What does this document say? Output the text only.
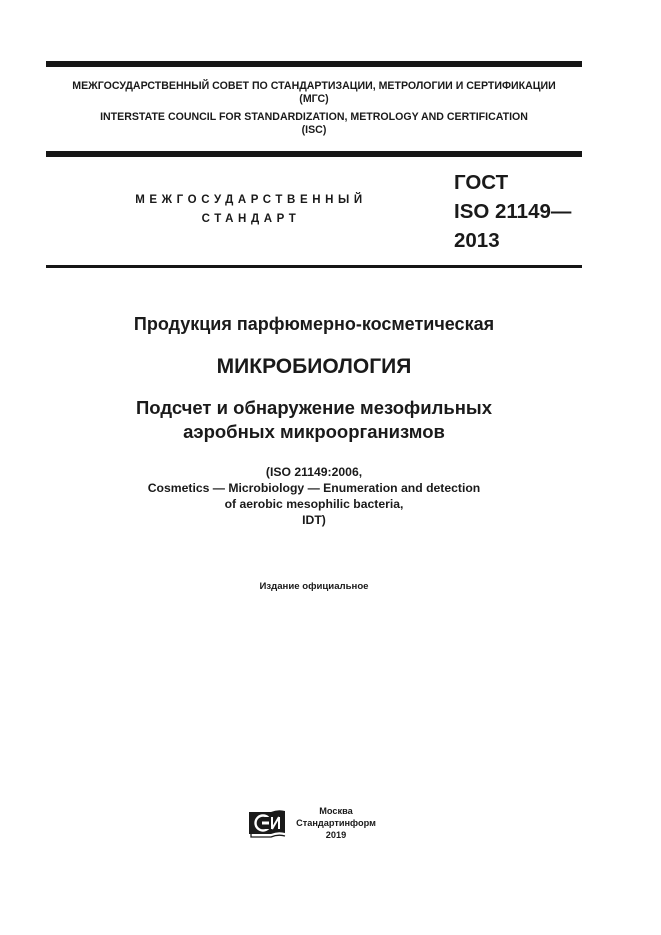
МЕЖГОСУДАРСТВЕННЫЙ СОВЕТ ПО СТАНДАРТИЗАЦИИ, МЕТРОЛОГИИ И СЕРТИФИКАЦИИ
(МГС)
INTERSTATE COUNCIL FOR STANDARDIZATION, METROLOGY AND CERTIFICATION
(ISC)
МЕЖГОСУДАРСТВЕННЫЙ
СТАНДАРТ
ГОСТ
ISO 21149—
2013
Продукция парфюмерно-косметическая
МИКРОБИОЛОГИЯ
Подсчет и обнаружение мезофильных
аэробных микроорганизмов
(ISO 21149:2006,
Cosmetics — Microbiology — Enumeration and detection
of aerobic mesophilic bacteria,
IDT)
Издание официальное
Москва
Стандартинформ
2019
